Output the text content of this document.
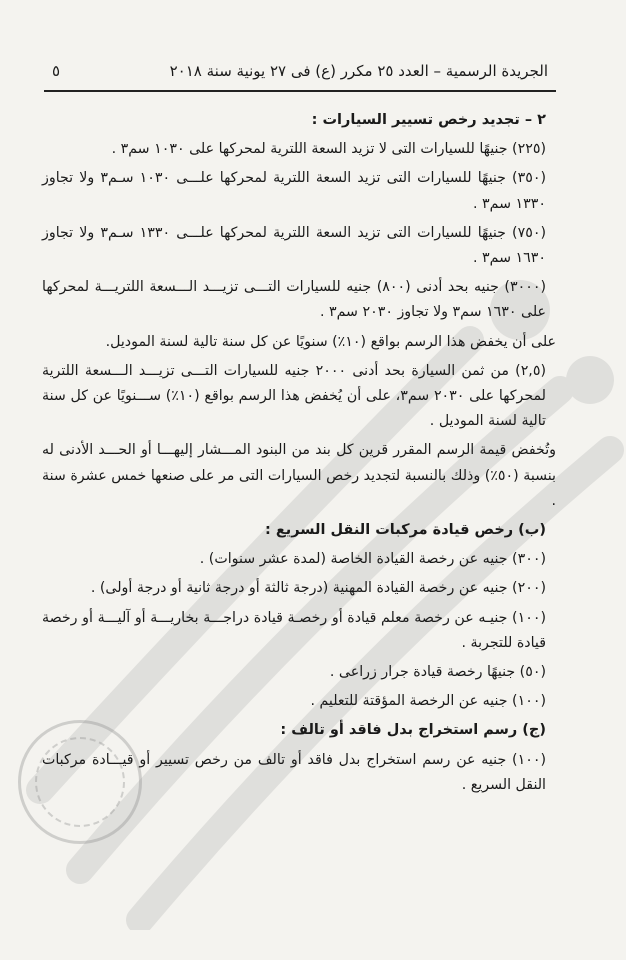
الجريدة الرسمية – العدد ٢٥ مكرر (ع) فى ٢٧ يونية سنة ٢٠١٨
٥
٢ – تجديد رخص تسيير السيارات :

(٢٢٥) جنيهًا للسيارات التى لا تزيد السعة اللترية لمحركها على ١٠٣٠ سم٣ .

(٣٥٠) جنيهًا للسيارات التى تزيد السعة اللترية لمحركها علـــى ١٠٣٠ سـم٣ ولا تجاوز ١٣٣٠ سم٣ .

(٧٥٠) جنيهًا للسيارات التى تزيد السعة اللترية لمحركها علـــى ١٣٣٠ سـم٣ ولا تجاوز ١٦٣٠ سم٣ .

(٣٠٠٠) جنيه بحد أدنى (٨٠٠) جنيه للسيارات التـــى تزيـــد الـــسعة اللتريـــة لمحركها على ١٦٣٠ سم٣ ولا تجاوز ٢٠٣٠ سم٣ .

على أن يخفض هذا الرسم بواقع (١٠٪) سنويًا عن كل سنة تالية لسنة الموديل.

(٢,٥) من ثمن السيارة بحد أدنى ٢٠٠٠ جنيه للسيارات التـــى تزيـــد الـــسعة اللترية لمحركها على ٢٠٣٠ سم٣، على أن يُخفض هذا الرسم بواقع (١٠٪) ســـنويًا عن كل سنة تالية لسنة الموديل .

وتُخفض قيمة الرسم المقرر قرين كل بند من البنود المـــشار إليهـــا أو الحـــد الأدنى له بنسبة (٥٠٪) وذلك بالنسبة لتجديد رخص السيارات التى مر على صنعها خمس عشرة سنة .

(ب) رخص قيادة مركبات النقل السريع :

(٣٠٠) جنيه عن رخصة القيادة الخاصة (لمدة عشر سنوات) .

(٢٠٠) جنيه عن رخصة القيادة المهنية (درجة ثالثة أو درجة ثانية أو درجة أولى) .

(١٠٠) جنيـه عن رخصة معلم قيادة أو رخصـة قيادة دراجـــة بخاريـــة أو آليـــة أو رخصة قيادة للتجربة .

(٥٠) جنيهًا رخصة قيادة جرار زراعى .

(١٠٠) جنيه عن الرخصة المؤقتة للتعليم .

(ج) رسم استخراج بدل فاقد أو تالف :

(١٠٠) جنيه عن رسم استخراج بدل فاقد أو تالف من رخص تسيير أو قيـــادة مركبات النقل السريع .
